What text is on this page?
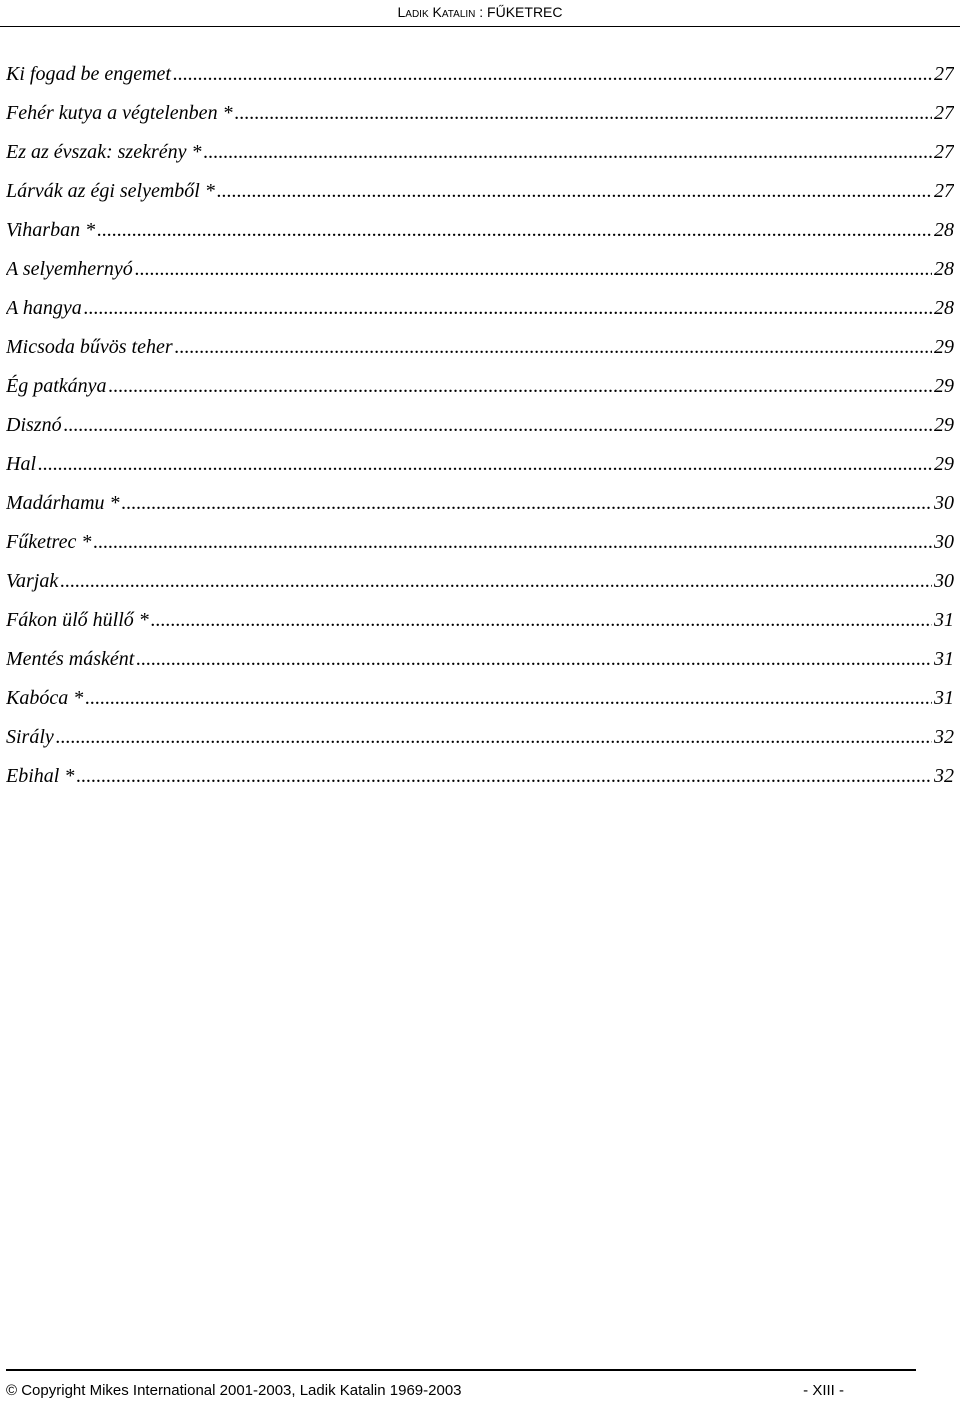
Ladik Katalin : FŰKETREC
Ki fogad be engemet .....	27
Fehér kutya a végtelenben * .....	27
Ez az évszak: szekrény * .....	27
Lárvák az égi selyemből * .....	27
Viharban * .....	28
A selyemhernyó .....	28
A hangya .....	28
Micsoda bűvös teher .....	29
Ég patkánya .....	29
Disznó .....	29
Hal .....	29
Madárhamu * .....	30
Fűketrec * .....	30
Varjak .....	30
Fákon ülő hüllő * .....	31
Mentés másként .....	31
Kabóca * .....	31
Sirály .....	32
Ebihal * .....	32
© Copyright Mikes International 2001-2003, Ladik Katalin 1969-2003	- XIII -
